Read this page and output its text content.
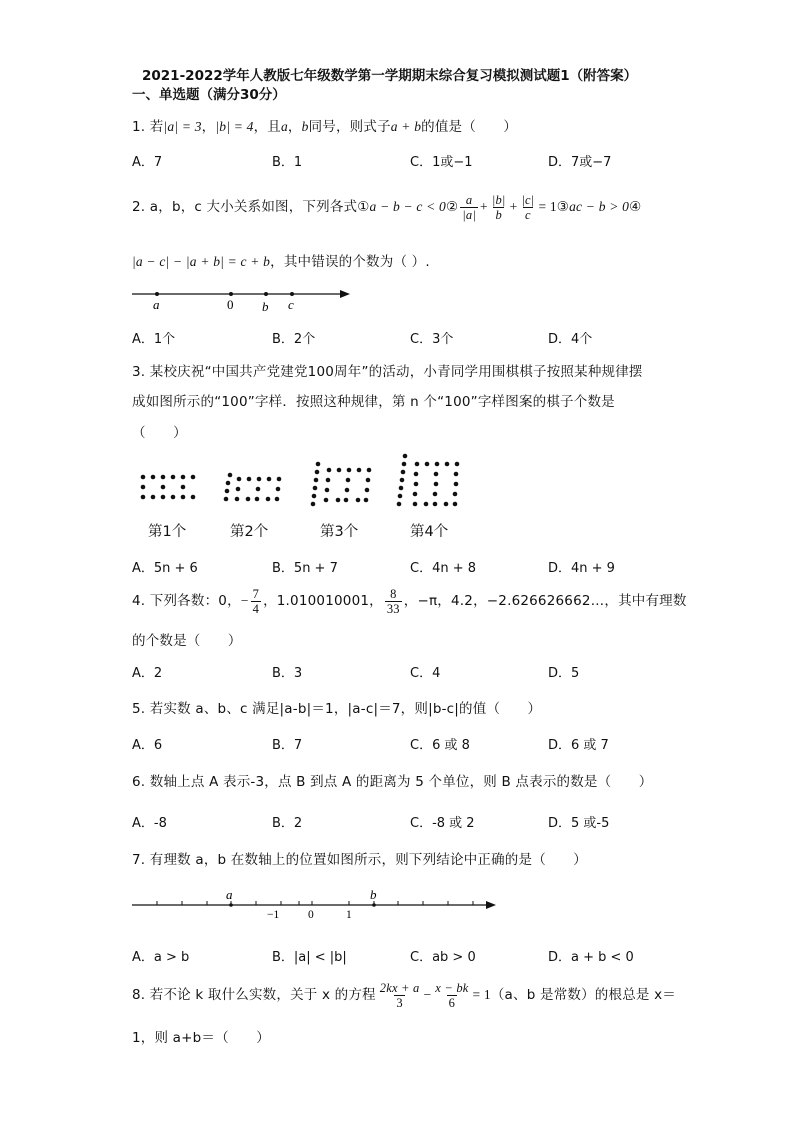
2021-2022学年人教版七年级数学第一学期期末综合复习模拟测试题1（附答案）
一、单选题（满分30分）
1. 若|a| = 3，|b| = 4，且a，b同号，则式子a + b的值是（　　）
A．7	B．1	C．1或−1	D．7或−7
2. a，b，c 大小关系如图，下列各式①a − b − c < 0② $\frac{a}{|a|} + \frac{|b|}{b} + \frac{|c|}{c}$ = 1③ac − b > 0④
|a − c| − |a + b| = c + b，其中错误的个数为（ ）.
a	0 b c
A．1个	B．2个	C．3个	D．4个
3. 某校庆祝“中国共产党建党100周年”的活动，小青同学用围棋棋子按照某种规律摆
成如图所示的“100”字样．按照这种规律，第 n 个“100”字样图案的棋子个数是
（　　）
第1个	第2个	第3个	第4个
A．5n + 6	B．5n + 7	C．4n + 8	D．4n + 9
4. 下列各数：0，− $\frac{7}{4}$ ，1.010010001， $\frac{8}{33}$ ，−π，4.2，−2.626626662…，其中有理数
的个数是（　　）
A．2	B．3	C．4	D．5
5. 若实数 a、b、c 满足|a-b|＝1，|a-c|＝7，则|b-c|的值（　　）
A．6	B．7	C．6 或 8	D．6 或 7
6. 数轴上点 A 表示-3，点 B 到点 A 的距离为 5 个单位，则 B 点表示的数是（　　）
A．-8	B．2	C．-8 或 2	D．5 或-5
7. 有理数 a，b 在数轴上的位置如图所示，则下列结论中正确的是（　　）
a	b
−1	0	1
A．a > b	B．|a| < |b|	C．ab > 0	D．a + b < 0
8. 若不论 k 取什么实数，关于 x 的方程 $\frac{2kx + a}{3} - \frac{x - bk}{6} = 1(a$、b 是常数）的根总是 x＝
1，则 a+b＝（　　）
